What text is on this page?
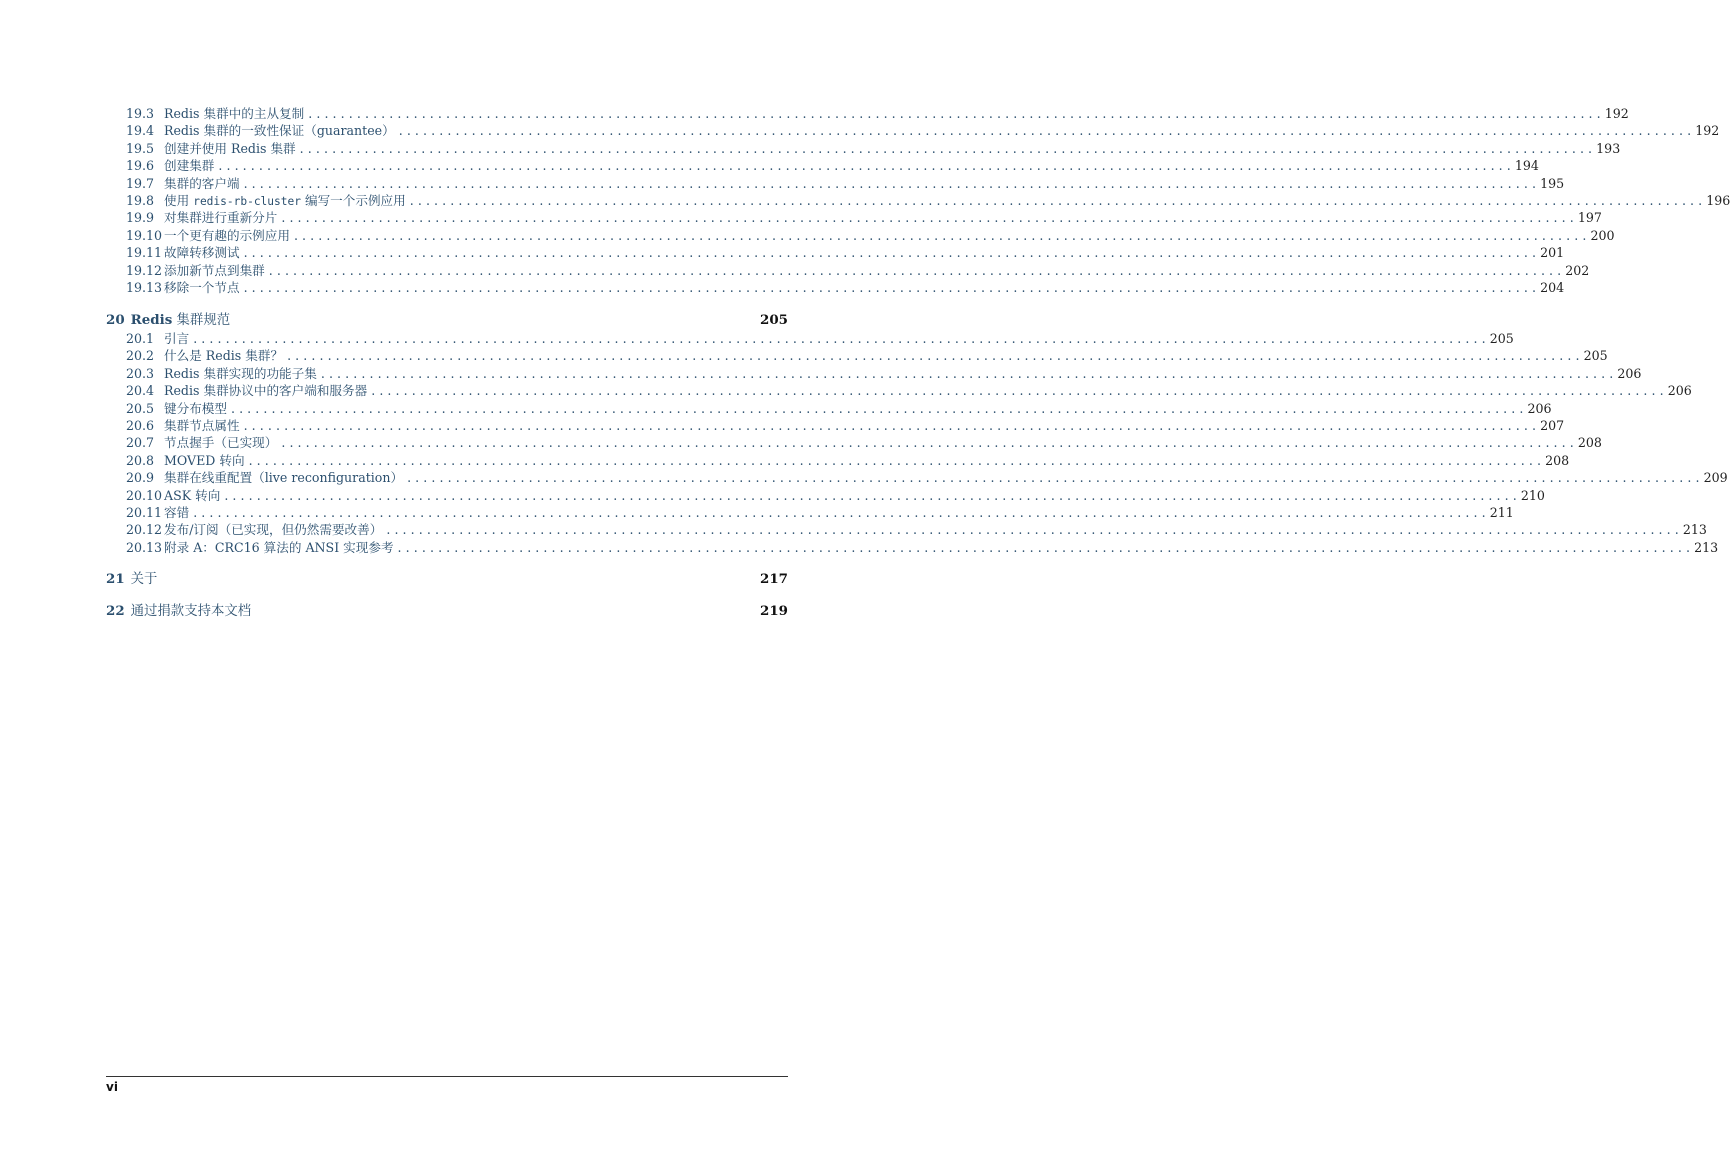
19.3 Redis 集群中的主从复制 ................................................................................................................................................................ 192
19.4 Redis 集群的一致性保证（guarantee） ................................................................................................................................................................ 192
19.5 创建并使用 Redis 集群 ................................................................................................................................................................ 193
19.6 创建集群 ................................................................................................................................................................ 194
19.7 集群的客户端 ................................................................................................................................................................ 195
19.8 使用 redis-rb-cluster 编写一个示例应用 ................................................................................................................................................................ 196
19.9 对集群进行重新分片 ................................................................................................................................................................ 197
19.10 一个更有趣的示例应用 ................................................................................................................................................................ 200
19.11 故障转移测试 ................................................................................................................................................................ 201
19.12 添加新节点到集群 ................................................................................................................................................................ 202
19.13 移除一个节点 ................................................................................................................................................................ 204
20 Redis 集群规范	205
20.1 引言 ................................................................................................................................................................ 205
20.2 什么是 Redis 集群？ ................................................................................................................................................................ 205
20.3 Redis 集群实现的功能子集 ................................................................................................................................................................ 206
20.4 Redis 集群协议中的客户端和服务器 ................................................................................................................................................................ 206
20.5 键分布模型 ................................................................................................................................................................ 206
20.6 集群节点属性 ................................................................................................................................................................ 207
20.7 节点握手（已实现） ................................................................................................................................................................ 208
20.8 MOVED 转向 ................................................................................................................................................................ 208
20.9 集群在线重配置（live reconfiguration） ................................................................................................................................................................ 209
20.10 ASK 转向 ................................................................................................................................................................ 210
20.11 容错 ................................................................................................................................................................ 211
20.12 发布/订阅（已实现，但仍然需要改善） ................................................................................................................................................................ 213
20.13 附录 A：CRC16 算法的 ANSI 实现参考 ................................................................................................................................................................ 213
21 关于	217
22 通过捐款支持本文档	219
vi
